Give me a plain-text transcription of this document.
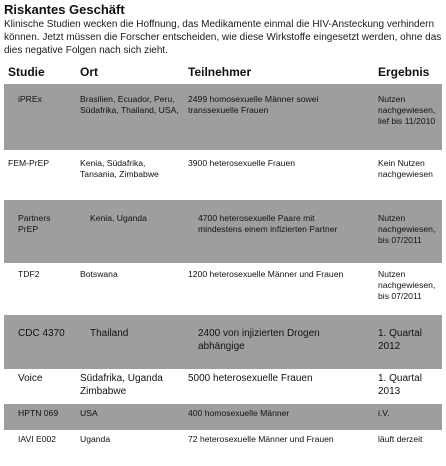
Riskantes Geschäft
Klinische Studien wecken die Hoffnung, das Medikamente einmal die HIV-Ansteckung verhindern können. Jetzt müssen die Forscher entscheiden, wie diese Wirkstoffe eingesetzt werden, ohne das dies negative Folgen nach sich zieht.
Studie	Ort	Teilnehmer	Ergebnis
iPREx	Brasilien, Ecuador, Peru, Südafrika, Thailand, USA,	2499 homosexuelle Männer sowei transsexuelle Frauen	Nutzen nachgewiesen, lief bis 11/2010
FEM-PrEP	Kenia, Südafrika, Tansania, Zimbabwe	3900 heterosexuelle Frauen	Kein Nutzen nachgewiesen
Partners PrEP	Kenia, Uganda	4700 heterosexuelle Paare mit mindestens einem infizierten Partner	Nutzen nachgewiesen, bis 07/2011
TDF2	Botswana	1200 heterosexuelle Männer und Frauen	Nutzen nachgewiesen, bis 07/2011
CDC 4370	Thailand	2400 von injizierten Drogen abhängige	1. Quartal 2012
Voice	Südafrika, Uganda Zimbabwe	5000 heterosexuelle Frauen	1. Quartal 2013
HPTN 069	USA	400 homosexuelle Männer	i.V.
IAVI E002	Uganda	72 heterosexuelle Männer und Frauen	läuft derzeit
